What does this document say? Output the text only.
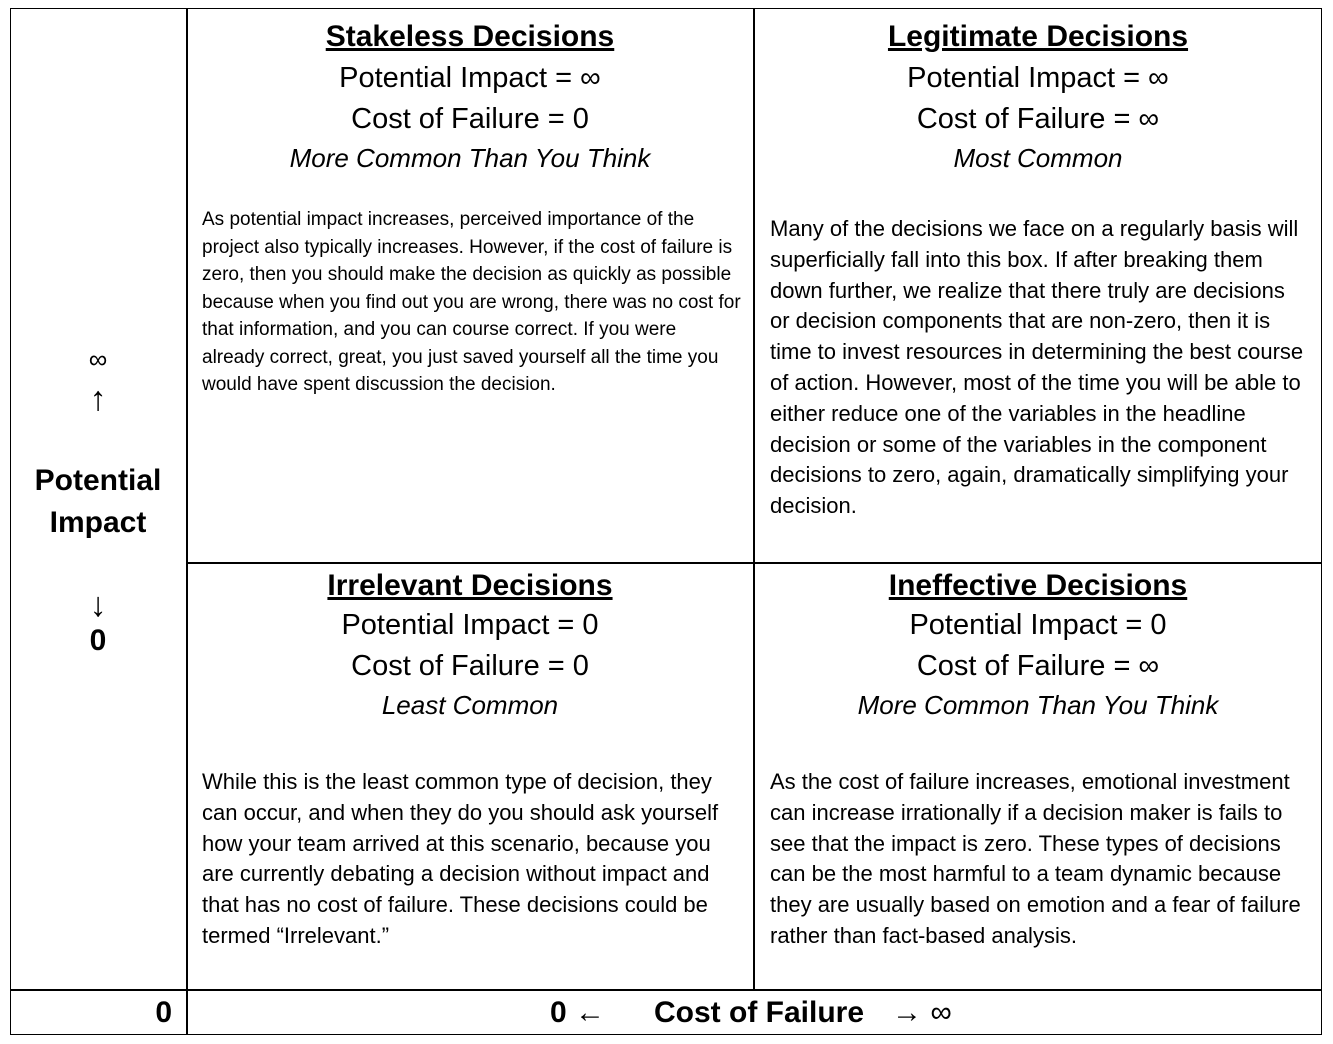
∞
↑
Potential Impact
↓
0
Stakeless Decisions
Potential Impact = ∞
Cost of Failure = 0
More Common Than You Think
As potential impact increases, perceived importance of the project also typically increases. However, if the cost of failure is zero, then you should make the decision as quickly as possible because when you find out you are wrong, there was no cost for that information, and you can course correct. If you were already correct, great, you just saved yourself all the time you would have spent discussion the decision.
Legitimate Decisions
Potential Impact = ∞
Cost of Failure = ∞
Most Common
Many of the decisions we face on a regularly basis will superficially fall into this box. If after breaking them down further, we realize that there truly are decisions or decision components that are non-zero, then it is time to invest resources in determining the best course of action. However, most of the time you will be able to either reduce one of the variables in the headline decision or some of the variables in the component decisions to zero, again, dramatically simplifying your decision.
Irrelevant Decisions
Potential Impact = 0
Cost of Failure = 0
Least Common
While this is the least common type of decision, they can occur, and when they do you should ask yourself how your team arrived at this scenario, because you are currently debating a decision without impact and that has no cost of failure. These decisions could be termed “Irrelevant.”
Ineffective Decisions
Potential Impact = 0
Cost of Failure = ∞
More Common Than You Think
As the cost of failure increases, emotional investment can increase irrationally if a decision maker is fails to see that the impact is zero. These types of decisions can be the most harmful to a team dynamic because they are usually based on emotion and a fear of failure rather than fact-based analysis.
0	0 ← Cost of Failure → ∞
